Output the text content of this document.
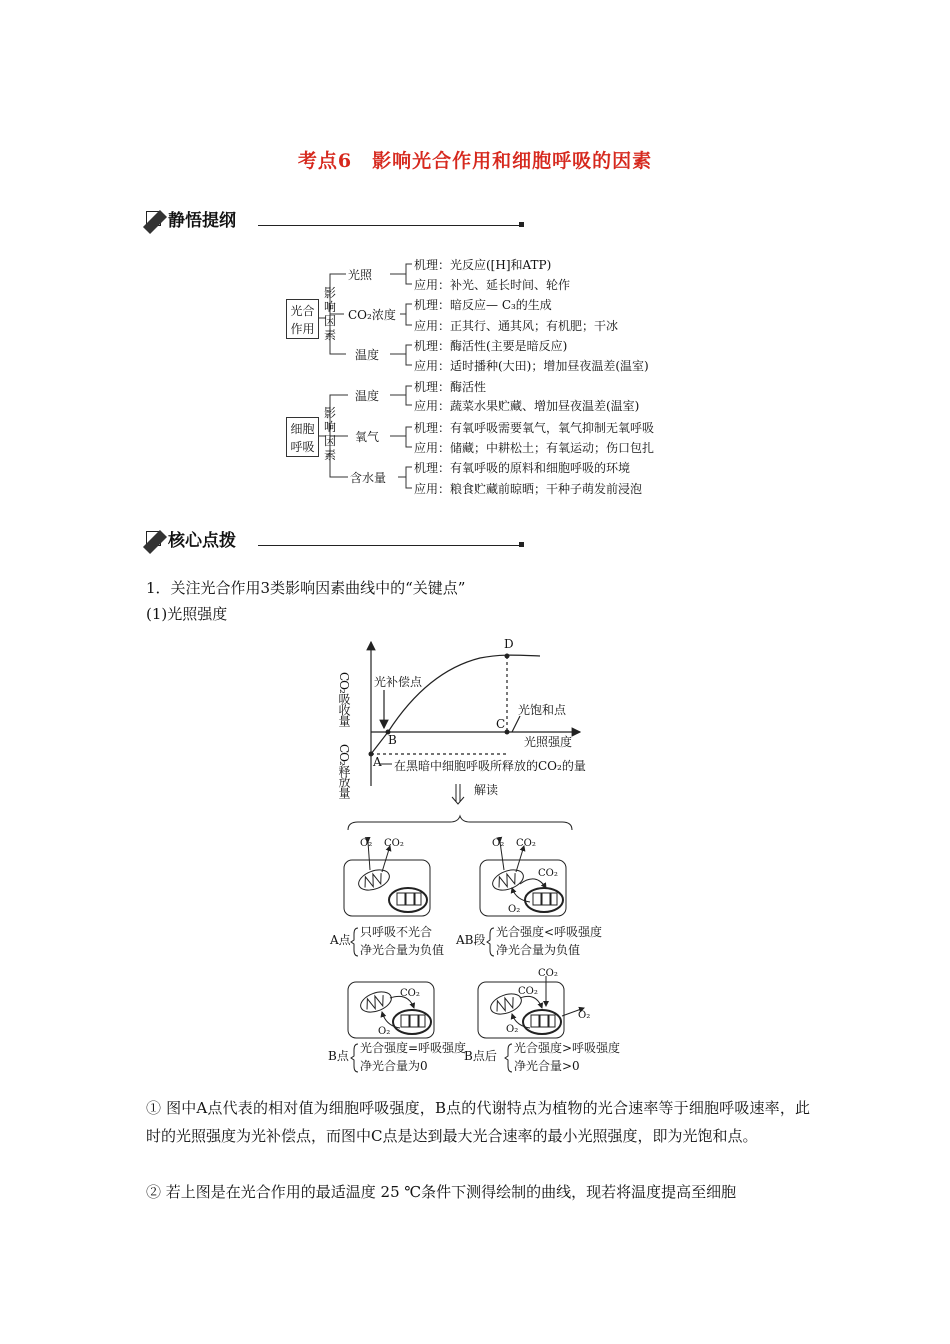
考点6　影响光合作用和细胞呼吸的因素
静悟提纲
光合作用
影响因素
光照
机理：光反应([H]和ATP)
应用：补光、延长时间、轮作
CO₂浓度
机理：暗反应— C₃的生成
应用：正其行、通其风；有机肥；干冰
温度
机理：酶活性(主要是暗反应)
应用：适时播种(大田)；增加昼夜温差(温室)
细胞呼吸
影响因素
温度
机理：酶活性
应用：蔬菜水果贮藏、增加昼夜温差(温室)
氧气
机理：有氧呼吸需要氧气，氧气抑制无氧呼吸
应用：储藏；中耕松土；有氧运动；伤口包扎
含水量
机理：有氧呼吸的原料和细胞呼吸的环境
应用：粮食贮藏前晾晒；干种子萌发前浸泡
核心点拨
1．关注光合作用3类影响因素曲线中的“关键点”
(1)光照强度
CO₂吸收量
CO₂释放量
光照强度
A
B
C
D
光补偿点
光饱和点
在黑暗中细胞呼吸所释放的CO₂的量
解读
O₂ CO₂
A点
只呼吸不光合
净光合量为负值
O₂ CO₂
CO₂
O₂
AB段
光合强度<呼吸强度
净光合量为负值
CO₂
O₂
B点
光合强度=呼吸强度
净光合量为0
CO₂
CO₂
O₂
O₂
B点后
光合强度>呼吸强度
净光合量>0
① 图中A点代表的相对值为细胞呼吸强度，B点的代谢特点为植物的光合速率等于细胞呼吸速率，此时的光照强度为光补偿点，而图中C点是达到最大光合速率的最小光照强度，即为光饱和点。
② 若上图是在光合作用的最适温度 25 ℃条件下测得绘制的曲线，现若将温度提高至细胞
